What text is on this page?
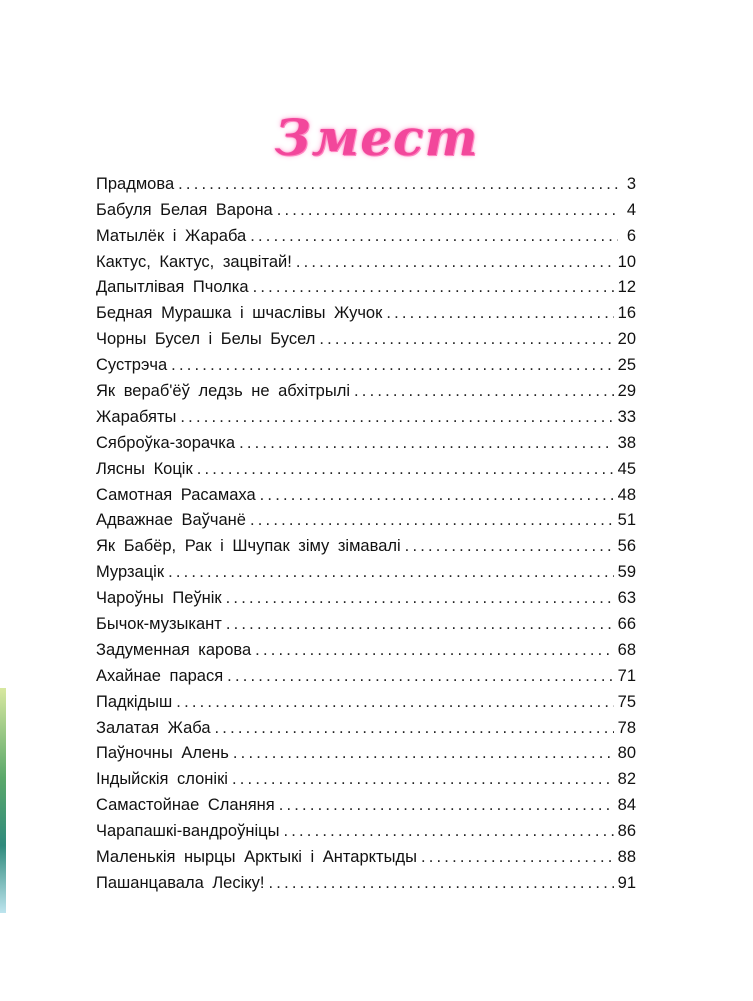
Змест
Прадмова .....	3
Бабуля Белая Варона .....	4
Матылёк і Жараба .....	6
Кактус, Кактус, зацвітай! .....	10
Дапытлівая Пчолка .....	12
Бедная Мурашка і шчаслівы Жучок .....	16
Чорны Бусел і Белы Бусел .....	20
Сустрэча .....	25
Як вераб'ёў ледзь не абхітрылі .....	29
Жарабяты .....	33
Сяброўка-зорачка .....	38
Лясны Коцік .....	45
Самотная Расамаха .....	48
Адважнае Ваўчанё .....	51
Як Бабёр, Рак і Шчупак зіму зімавалі .....	56
Мурзацік .....	59
Чароўны Пеўнік .....	63
Бычок-музыкант .....	66
Задуменная карова .....	68
Ахайнае парася .....	71
Падкідыш .....	75
Залатая Жаба .....	78
Паўночны Алень .....	80
Індыйскія слонікі .....	82
Самастойнае Сланяня .....	84
Чарапашкі-вандроўніцы .....	86
Маленькія нырцы Арктыкі і Антарктыды .....	88
Пашанцавала Лесіку! .....	91
